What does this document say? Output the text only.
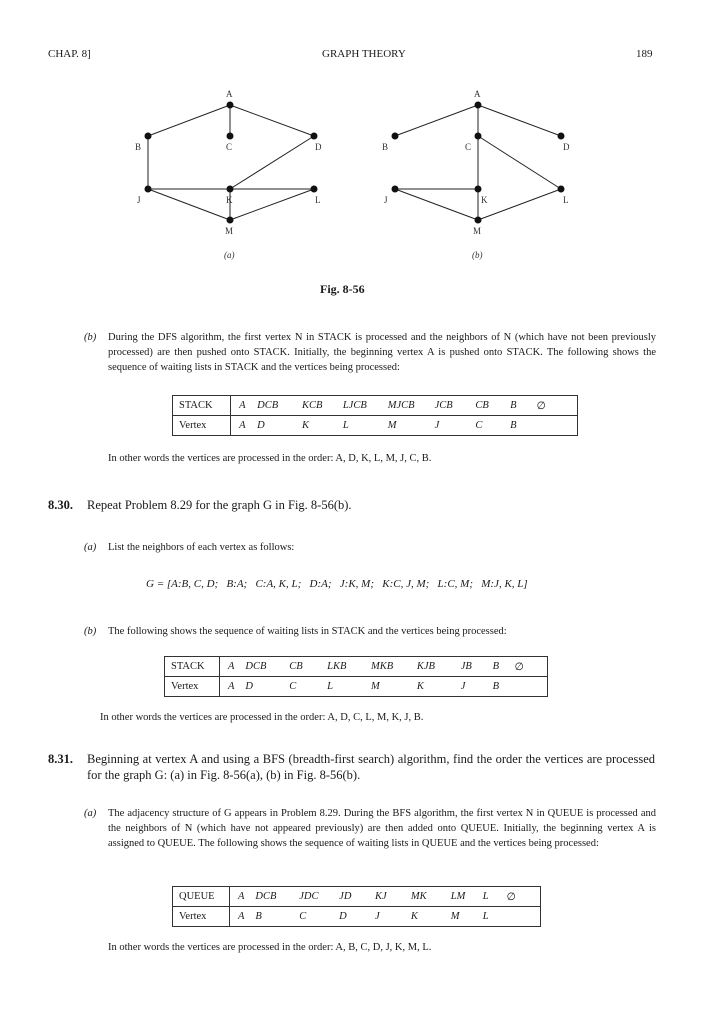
CHAP. 8]	GRAPH THEORY	189
A
B	C	D
J	K	L
M
(a)
A
B	C	D
J	K	L
M
(b)
Fig. 8-56
(b) During the DFS algorithm, the first vertex N in STACK is processed and the neighbors of N (which have not been previously processed) are then pushed onto STACK. Initially, the beginning vertex A is pushed onto STACK. The following shows the sequence of waiting lists in STACK and the vertices being processed:
STACK	A	DCB	KCB	LJCB	MJCB	JCB	CB	B	∅
Vertex	A	D	K	L	M	J	C	B	
In other words the vertices are processed in the order: A, D, K, L, M, J, C, B.
8.30. Repeat Problem 8.29 for the graph G in Fig. 8-56(b).
(a) List the neighbors of each vertex as follows:
G = [A:B, C, D;   B:A;   C:A, K, L;   D:A;   J:K, M;   K:C, J, M;   L:C, M;   M:J, K, L]
(b) The following shows the sequence of waiting lists in STACK and the vertices being processed:
STACK	A	DCB	CB	LKB	MKB	KJB	JB	B	∅
Vertex	A	D	C	L	M	K	J	B	
In other words the vertices are processed in the order: A, D, C, L, M, K, J, B.
8.31. Beginning at vertex A and using a BFS (breadth-first search) algorithm, find the order the vertices are processed for the graph G: (a) in Fig. 8-56(a), (b) in Fig. 8-56(b).
(a) The adjacency structure of G appears in Problem 8.29. During the BFS algorithm, the first vertex N in QUEUE is processed and the neighbors of N (which have not appeared previously) are then added onto QUEUE. Initially, the beginning vertex A is assigned to QUEUE. The following shows the sequence of waiting lists in QUEUE and the vertices being processed:
QUEUE	A	DCB	JDC	JD	KJ	MK	LM	L	∅
Vertex	A	B	C	D	J	K	M	L	
In other words the vertices are processed in the order: A, B, C, D, J, K, M, L.
